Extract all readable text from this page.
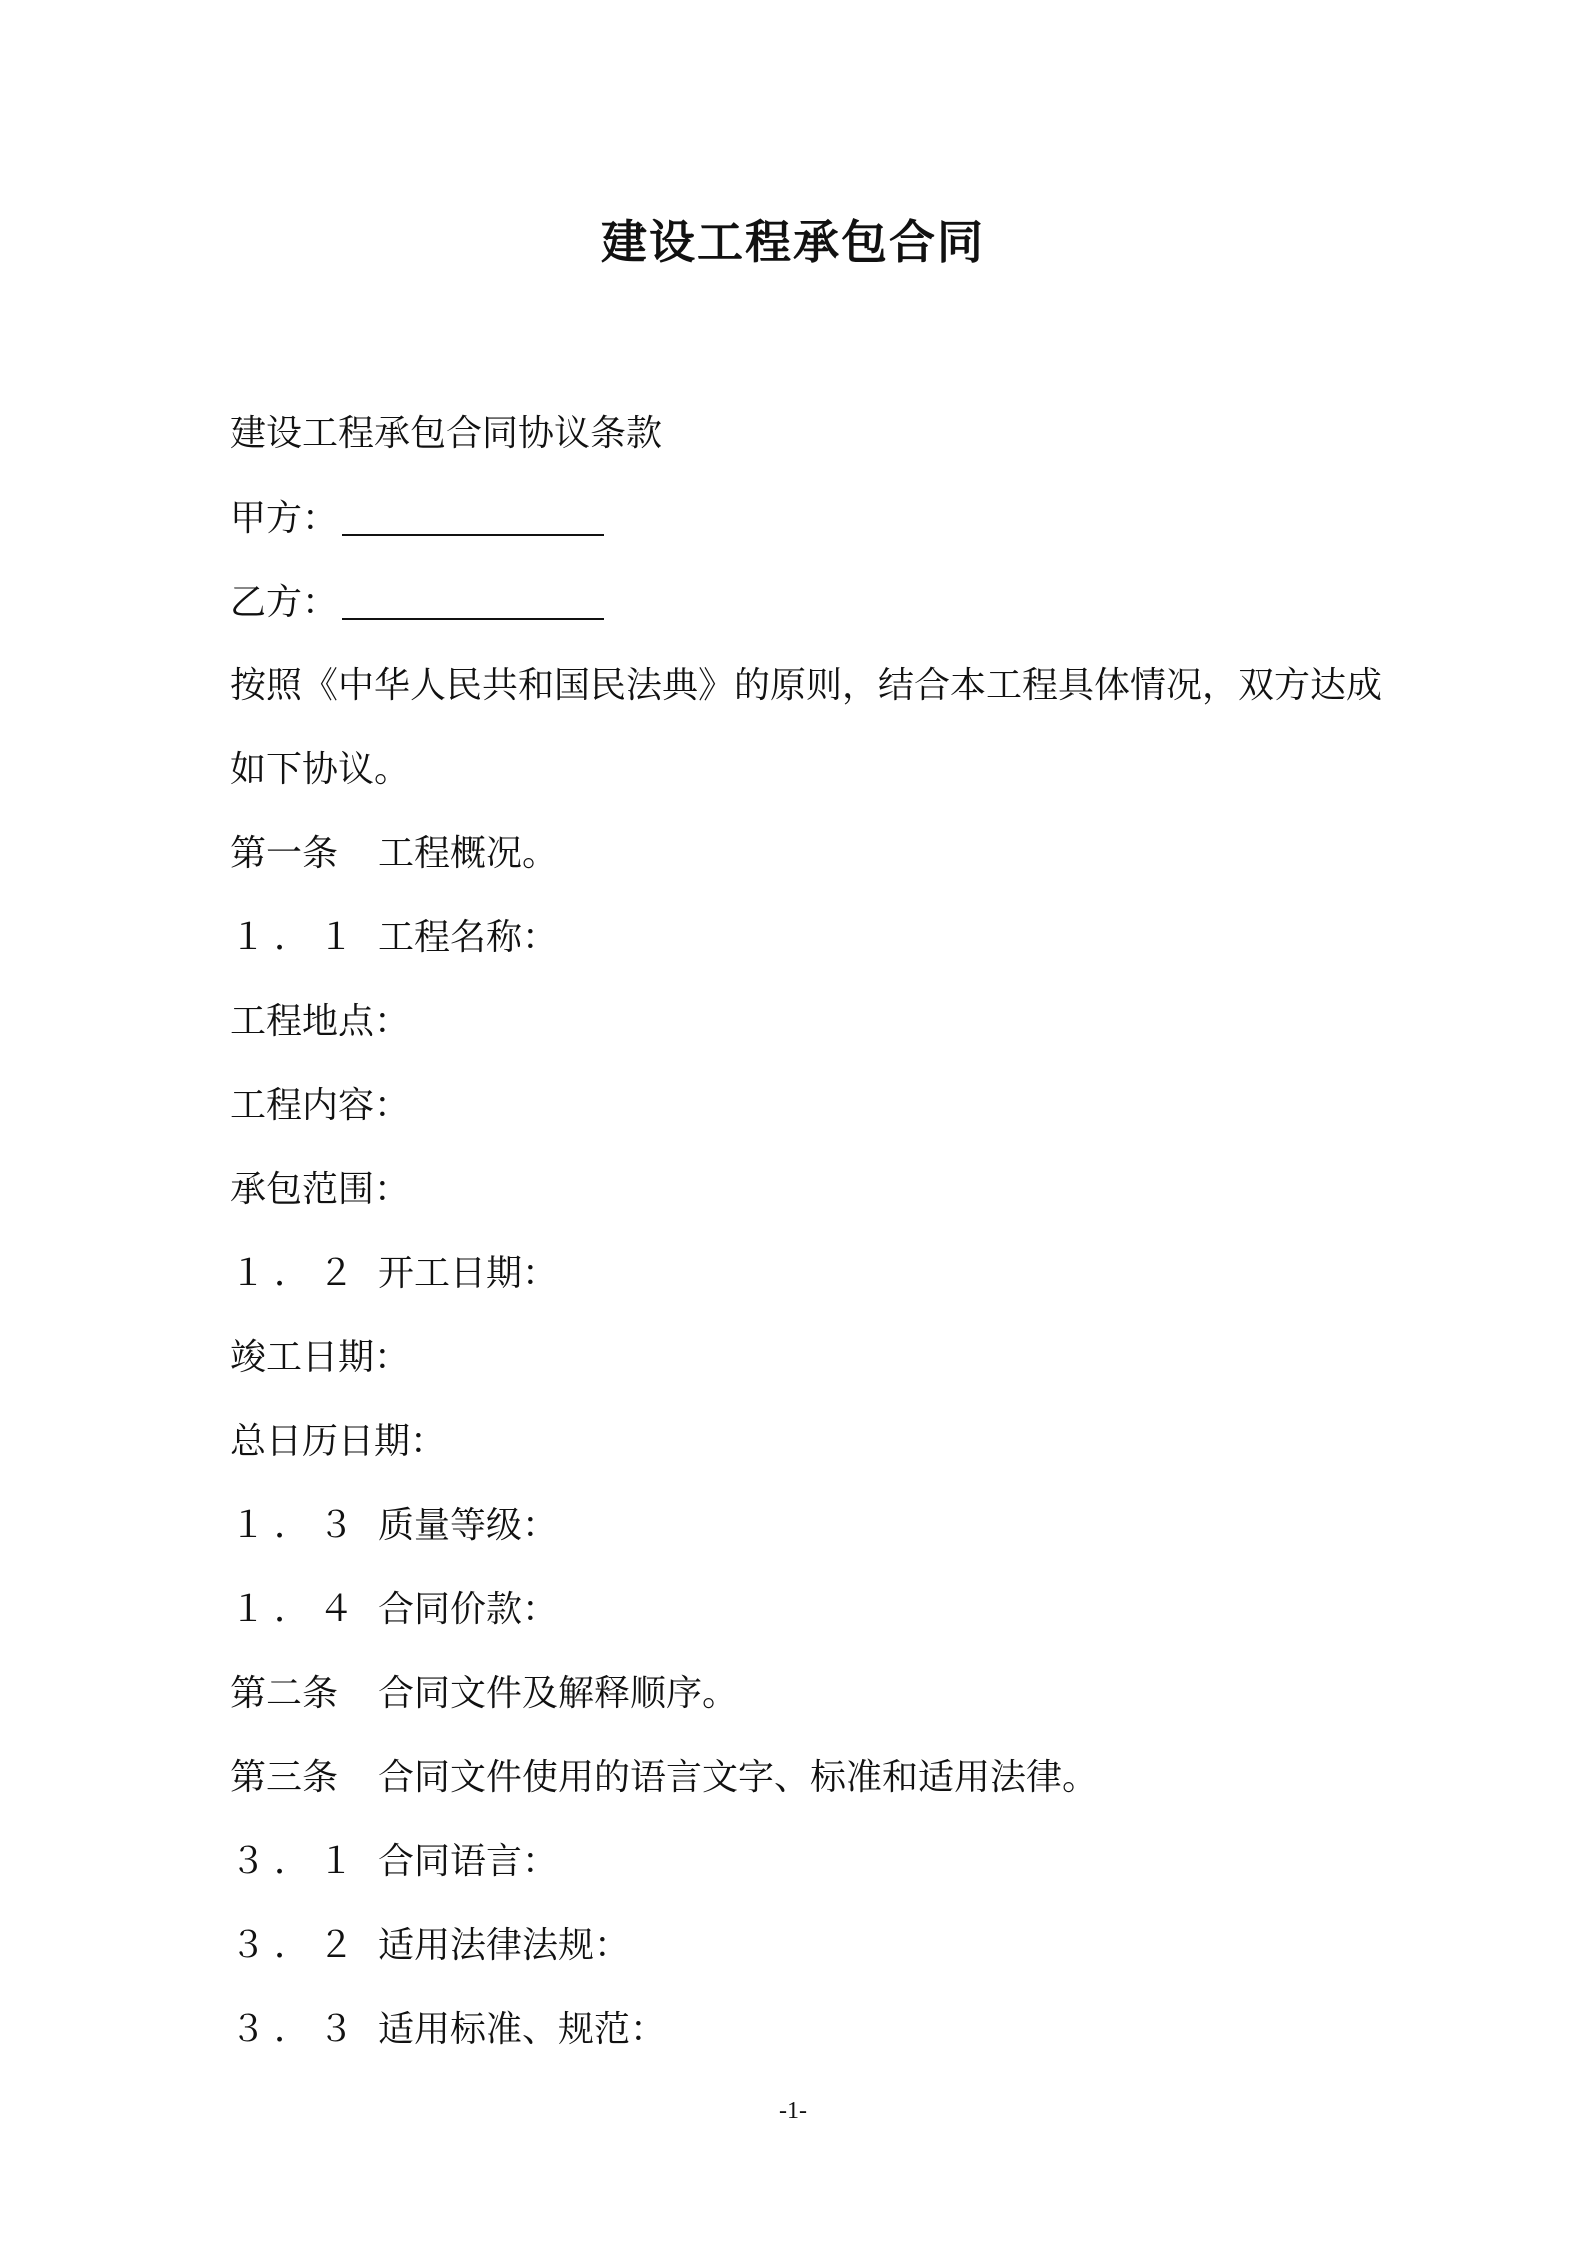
建设工程承包合同
建设工程承包合同协议条款
甲方：
乙方：
按照《中华人民共和国民法典》的原则，结合本工程具体情况，双方达成
如下协议。
第一条 工程概况。
１．１ 工程名称：
工程地点：
工程内容：
承包范围：
１．２ 开工日期：
竣工日期：
总日历日期：
１．３ 质量等级：
１．４ 合同价款：
第二条 合同文件及解释顺序。
第三条 合同文件使用的语言文字、标准和适用法律。
３．１ 合同语言：
３．２ 适用法律法规：
３．３ 适用标准、规范：
-1-
